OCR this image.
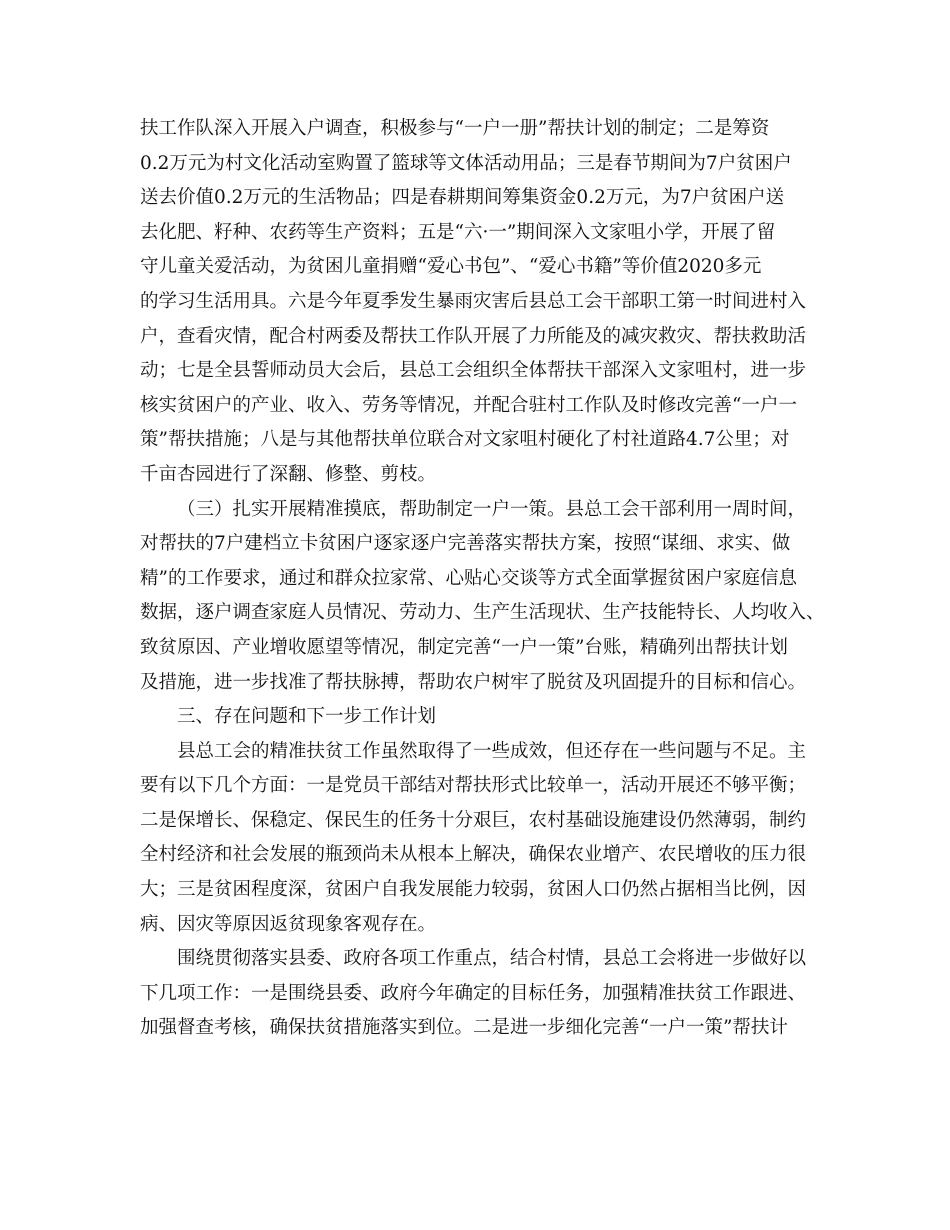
扶工作队深入开展入户调查，积极参与“一户一册”帮扶计划的制定；二是筹资
0.2万元为村文化活动室购置了篮球等文体活动用品；三是春节期间为7户贫困户
送去价值0.2万元的生活物品；四是春耕期间筹集资金0.2万元，为7户贫困户送
去化肥、籽种、农药等生产资料；五是“六·一”期间深入文家咀小学，开展了留
守儿童关爱活动，为贫困儿童捐赠“爱心书包”、“爱心书籍”等价值2020多元
的学习生活用具。六是今年夏季发生暴雨灾害后县总工会干部职工第一时间进村入
户，查看灾情，配合村两委及帮扶工作队开展了力所能及的减灾救灾、帮扶救助活
动；七是全县誓师动员大会后，县总工会组织全体帮扶干部深入文家咀村，进一步
核实贫困户的产业、收入、劳务等情况，并配合驻村工作队及时修改完善“一户一
策”帮扶措施；八是与其他帮扶单位联合对文家咀村硬化了村社道路4.7公里；对
千亩杏园进行了深翻、修整、剪枝。

（三）扎实开展精准摸底，帮助制定一户一策。县总工会干部利用一周时间，
对帮扶的7户建档立卡贫困户逐家逐户完善落实帮扶方案，按照“谋细、求实、做
精”的工作要求，通过和群众拉家常、心贴心交谈等方式全面掌握贫困户家庭信息
数据，逐户调查家庭人员情况、劳动力、生产生活现状、生产技能特长、人均收入、
致贫原因、产业增收愿望等情况，制定完善“一户一策”台账，精确列出帮扶计划
及措施，进一步找准了帮扶脉搏，帮助农户树牢了脱贫及巩固提升的目标和信心。

三、存在问题和下一步工作计划

县总工会的精准扶贫工作虽然取得了一些成效，但还存在一些问题与不足。主
要有以下几个方面：一是党员干部结对帮扶形式比较单一，活动开展还不够平衡；
二是保增长、保稳定、保民生的任务十分艰巨，农村基础设施建设仍然薄弱，制约
全村经济和社会发展的瓶颈尚未从根本上解决，确保农业增产、农民增收的压力很
大；三是贫困程度深，贫困户自我发展能力较弱，贫困人口仍然占据相当比例，因
病、因灾等原因返贫现象客观存在。

围绕贯彻落实县委、政府各项工作重点，结合村情，县总工会将进一步做好以
下几项工作：一是围绕县委、政府今年确定的目标任务，加强精准扶贫工作跟进、
加强督查考核，确保扶贫措施落实到位。二是进一步细化完善“一户一策”帮扶计
